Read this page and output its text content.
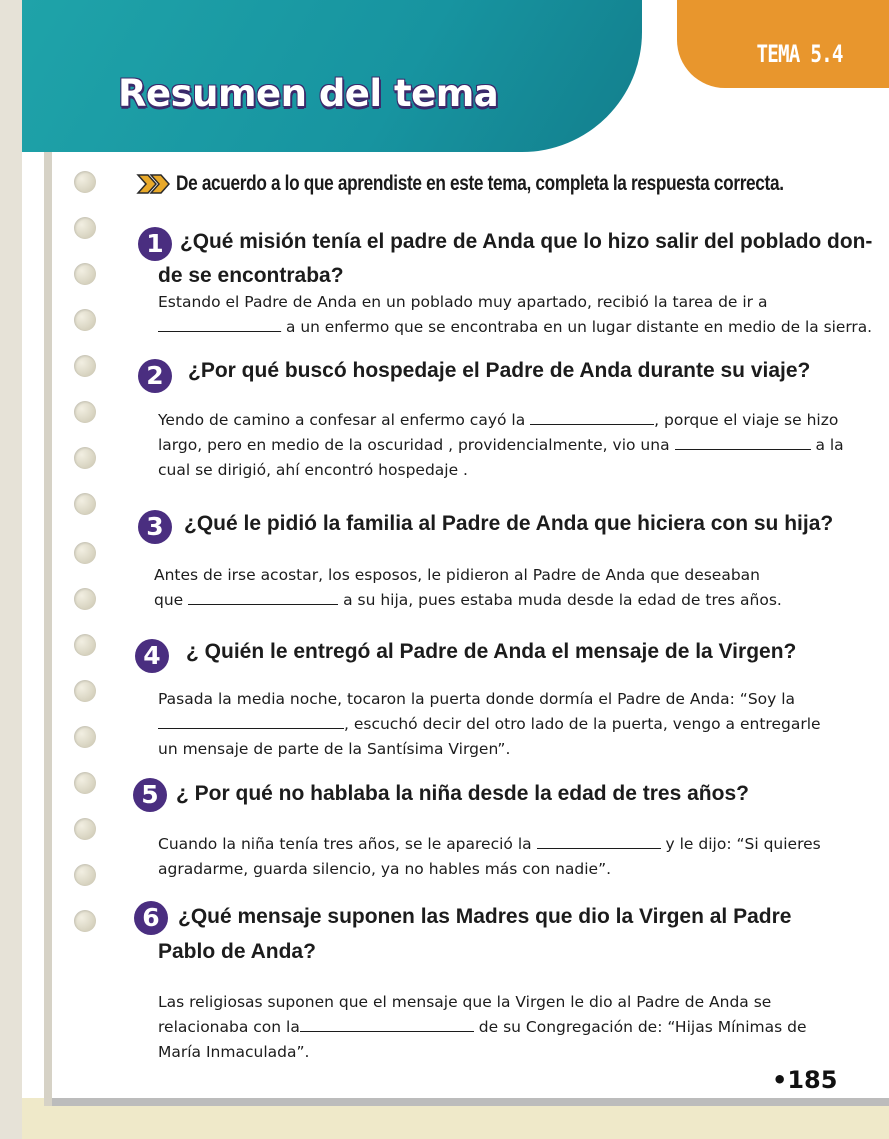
Resumen del tema
TEMA 5.4
De acuerdo a lo que aprendiste en este tema, completa la respuesta correcta.
1 ¿Qué misión tenía el padre de Anda que lo hizo salir del poblado don-
de se encontraba?
Estando el Padre de Anda en un poblado muy apartado, recibió la tarea de ir a
a un enfermo que se encontraba en un lugar distante en medio de la sierra.
2	¿Por qué buscó hospedaje el Padre de Anda durante su viaje?
Yendo de camino a confesar al enfermo cayó la	, porque el viaje se hizo
largo, pero en medio de la oscuridad , providencialmente, vio una	a la
cual se dirigió, ahí encontró hospedaje .
3 ¿Qué le pidió la familia al Padre de Anda que hiciera con su hija?
Antes de irse acostar, los esposos, le pidieron al Padre de Anda que deseaban
que	a su hija, pues estaba muda desde la edad de tres años.
4	¿ Quién le entregó al Padre de Anda el mensaje de la Virgen?
Pasada la media noche, tocaron la puerta donde dormía el Padre de Anda: “Soy la
, escuchó decir del otro lado de la puerta, vengo a entregarle
un mensaje de parte de la Santísima Virgen”.
5 ¿ Por qué no hablaba la niña desde la edad de tres años?
Cuando la niña tenía tres años, se le apareció la	y le dijo: “Si quieres
agradarme, guarda silencio, ya no hables más con nadie”.
6 ¿Qué mensaje suponen las Madres que dio la Virgen al Padre
Pablo de Anda?
Las religiosas suponen que el mensaje que la Virgen le dio al Padre de Anda se
relacionaba con la	de su Congregación de: “Hijas Mínimas de
María Inmaculada”.
•185
